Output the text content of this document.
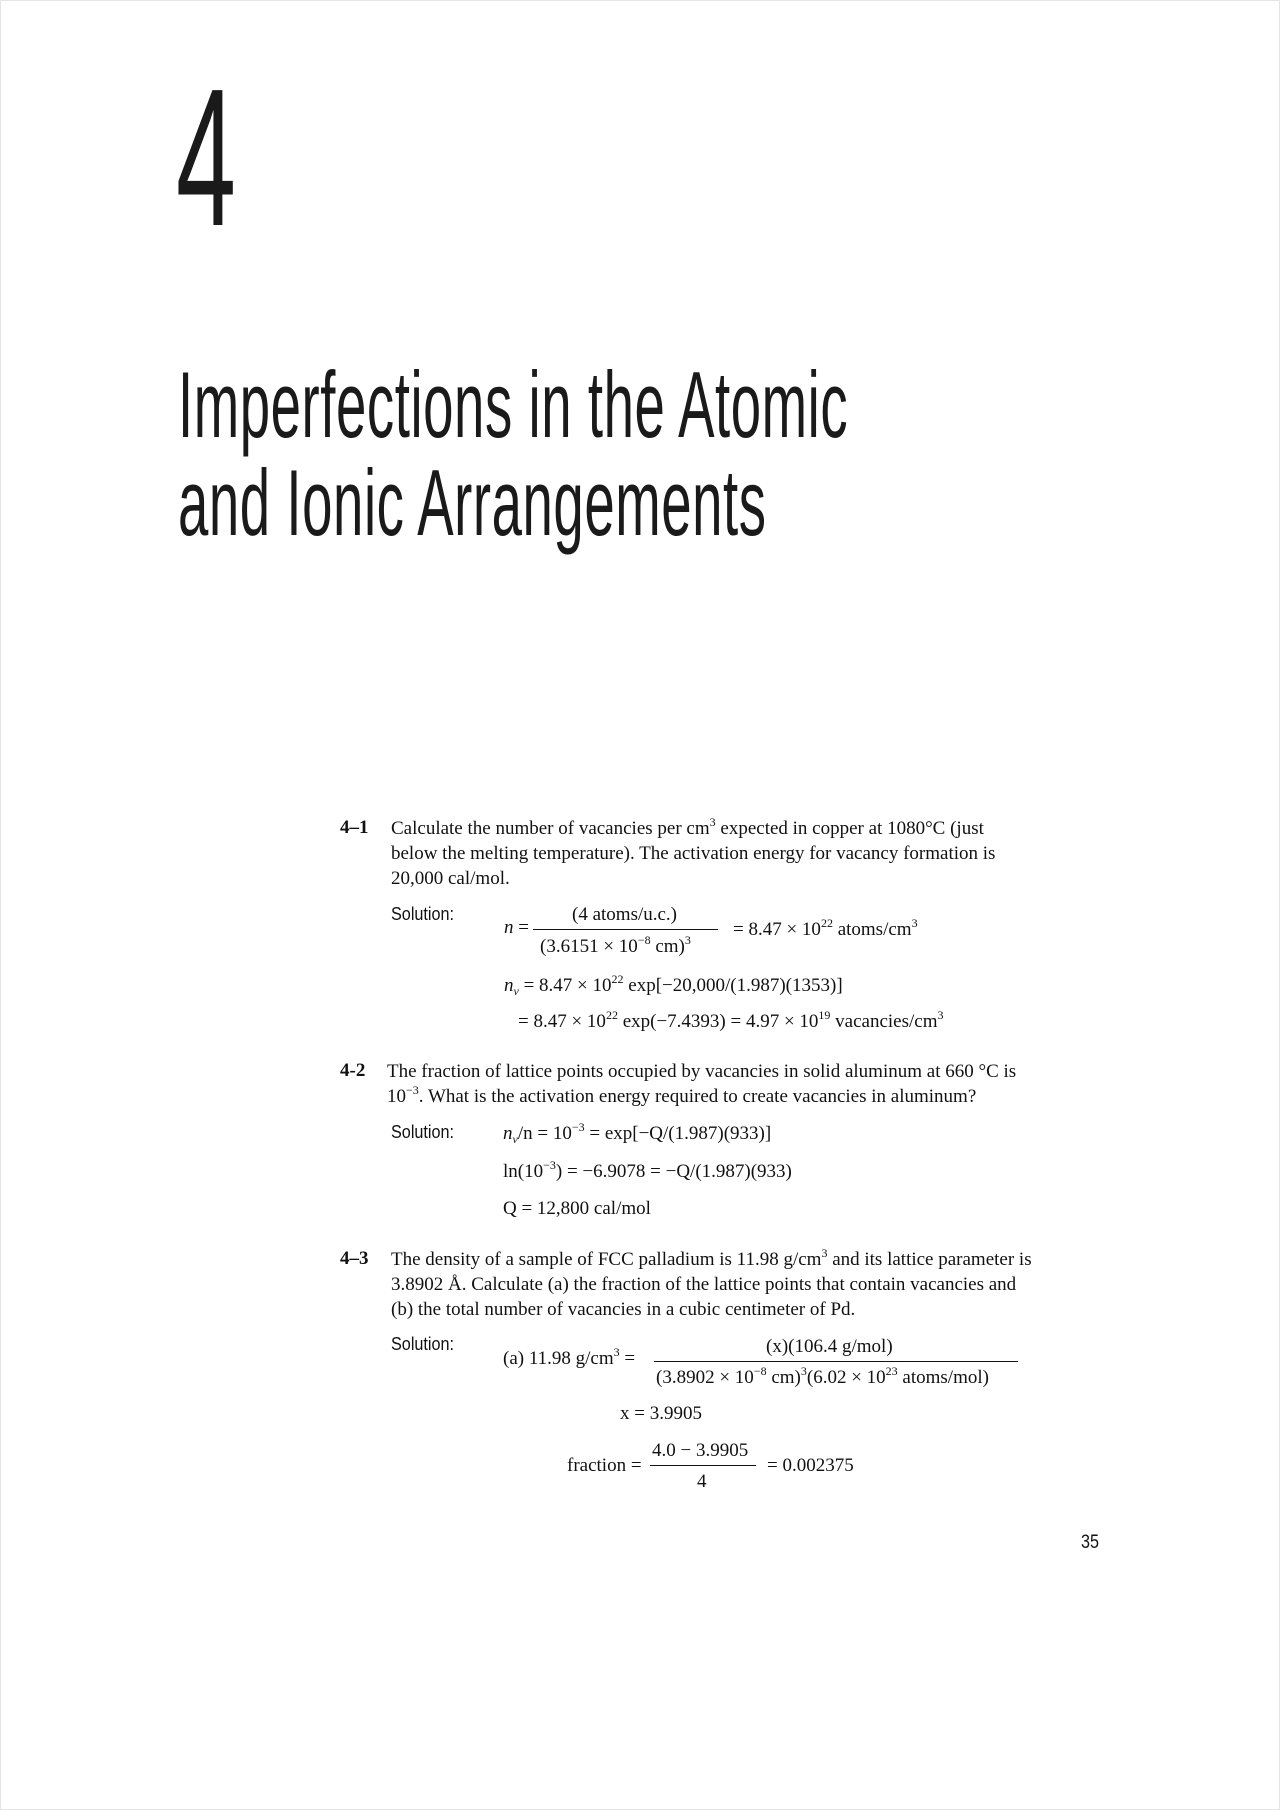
4
Imperfections in the Atomic
and Ionic Arrangements
4–1 Calculate the number of vacancies per $cm^3$ expected in copper at 1080°C (just
below the melting temperature). The activation energy for vacancy formation is
20,000 cal/mol.
Solution:
n =
(4 atoms/u.c.)
($3.6151 \times 10^{-8}$ $cm)^3 = 8.47 \times 10^{22}$ atoms/$cm^3$
$n_v = 8.47 \times 10^{22}$ exp[−20,000/(1.987)(1353)]
= $8.47 \times 10^{22}$ $\exp(-7.4393) = 4.97 \times 10^{19}$ vacancies/$cm^3$
4-2 The fraction of lattice points occupied by vacancies in solid aluminum at 660 °C is
$10^{-3}$. What is the activation energy required to create vacancies in aluminum?
Solution:	$n_v/n = 10^{-3} = \exp[-Q/(1.987)(933)]$
$\ln(10^{-3}) = -6.9078 = -Q/(1.987)(933)$
Q = 12,800 cal/mol
4–3 The density of a sample of FCC palladium is 11.98 $g/cm^3$ and its lattice parameter is
3.8902 Å. Calculate (a) the fraction of the lattice points that contain vacancies and
(b) the total number of vacancies in a cubic centimeter of Pd.
Solution:
(a) 11.98 $g/cm^3$ =
(x)(106.4 g/mol)
($3.8902 \times 10^{-8}$ $cm)^3(6.02 \times 10^{23}$ atoms/mol)
x = 3.9905
fraction =
4.0 − 3.9905
4
= 0.002375
35
